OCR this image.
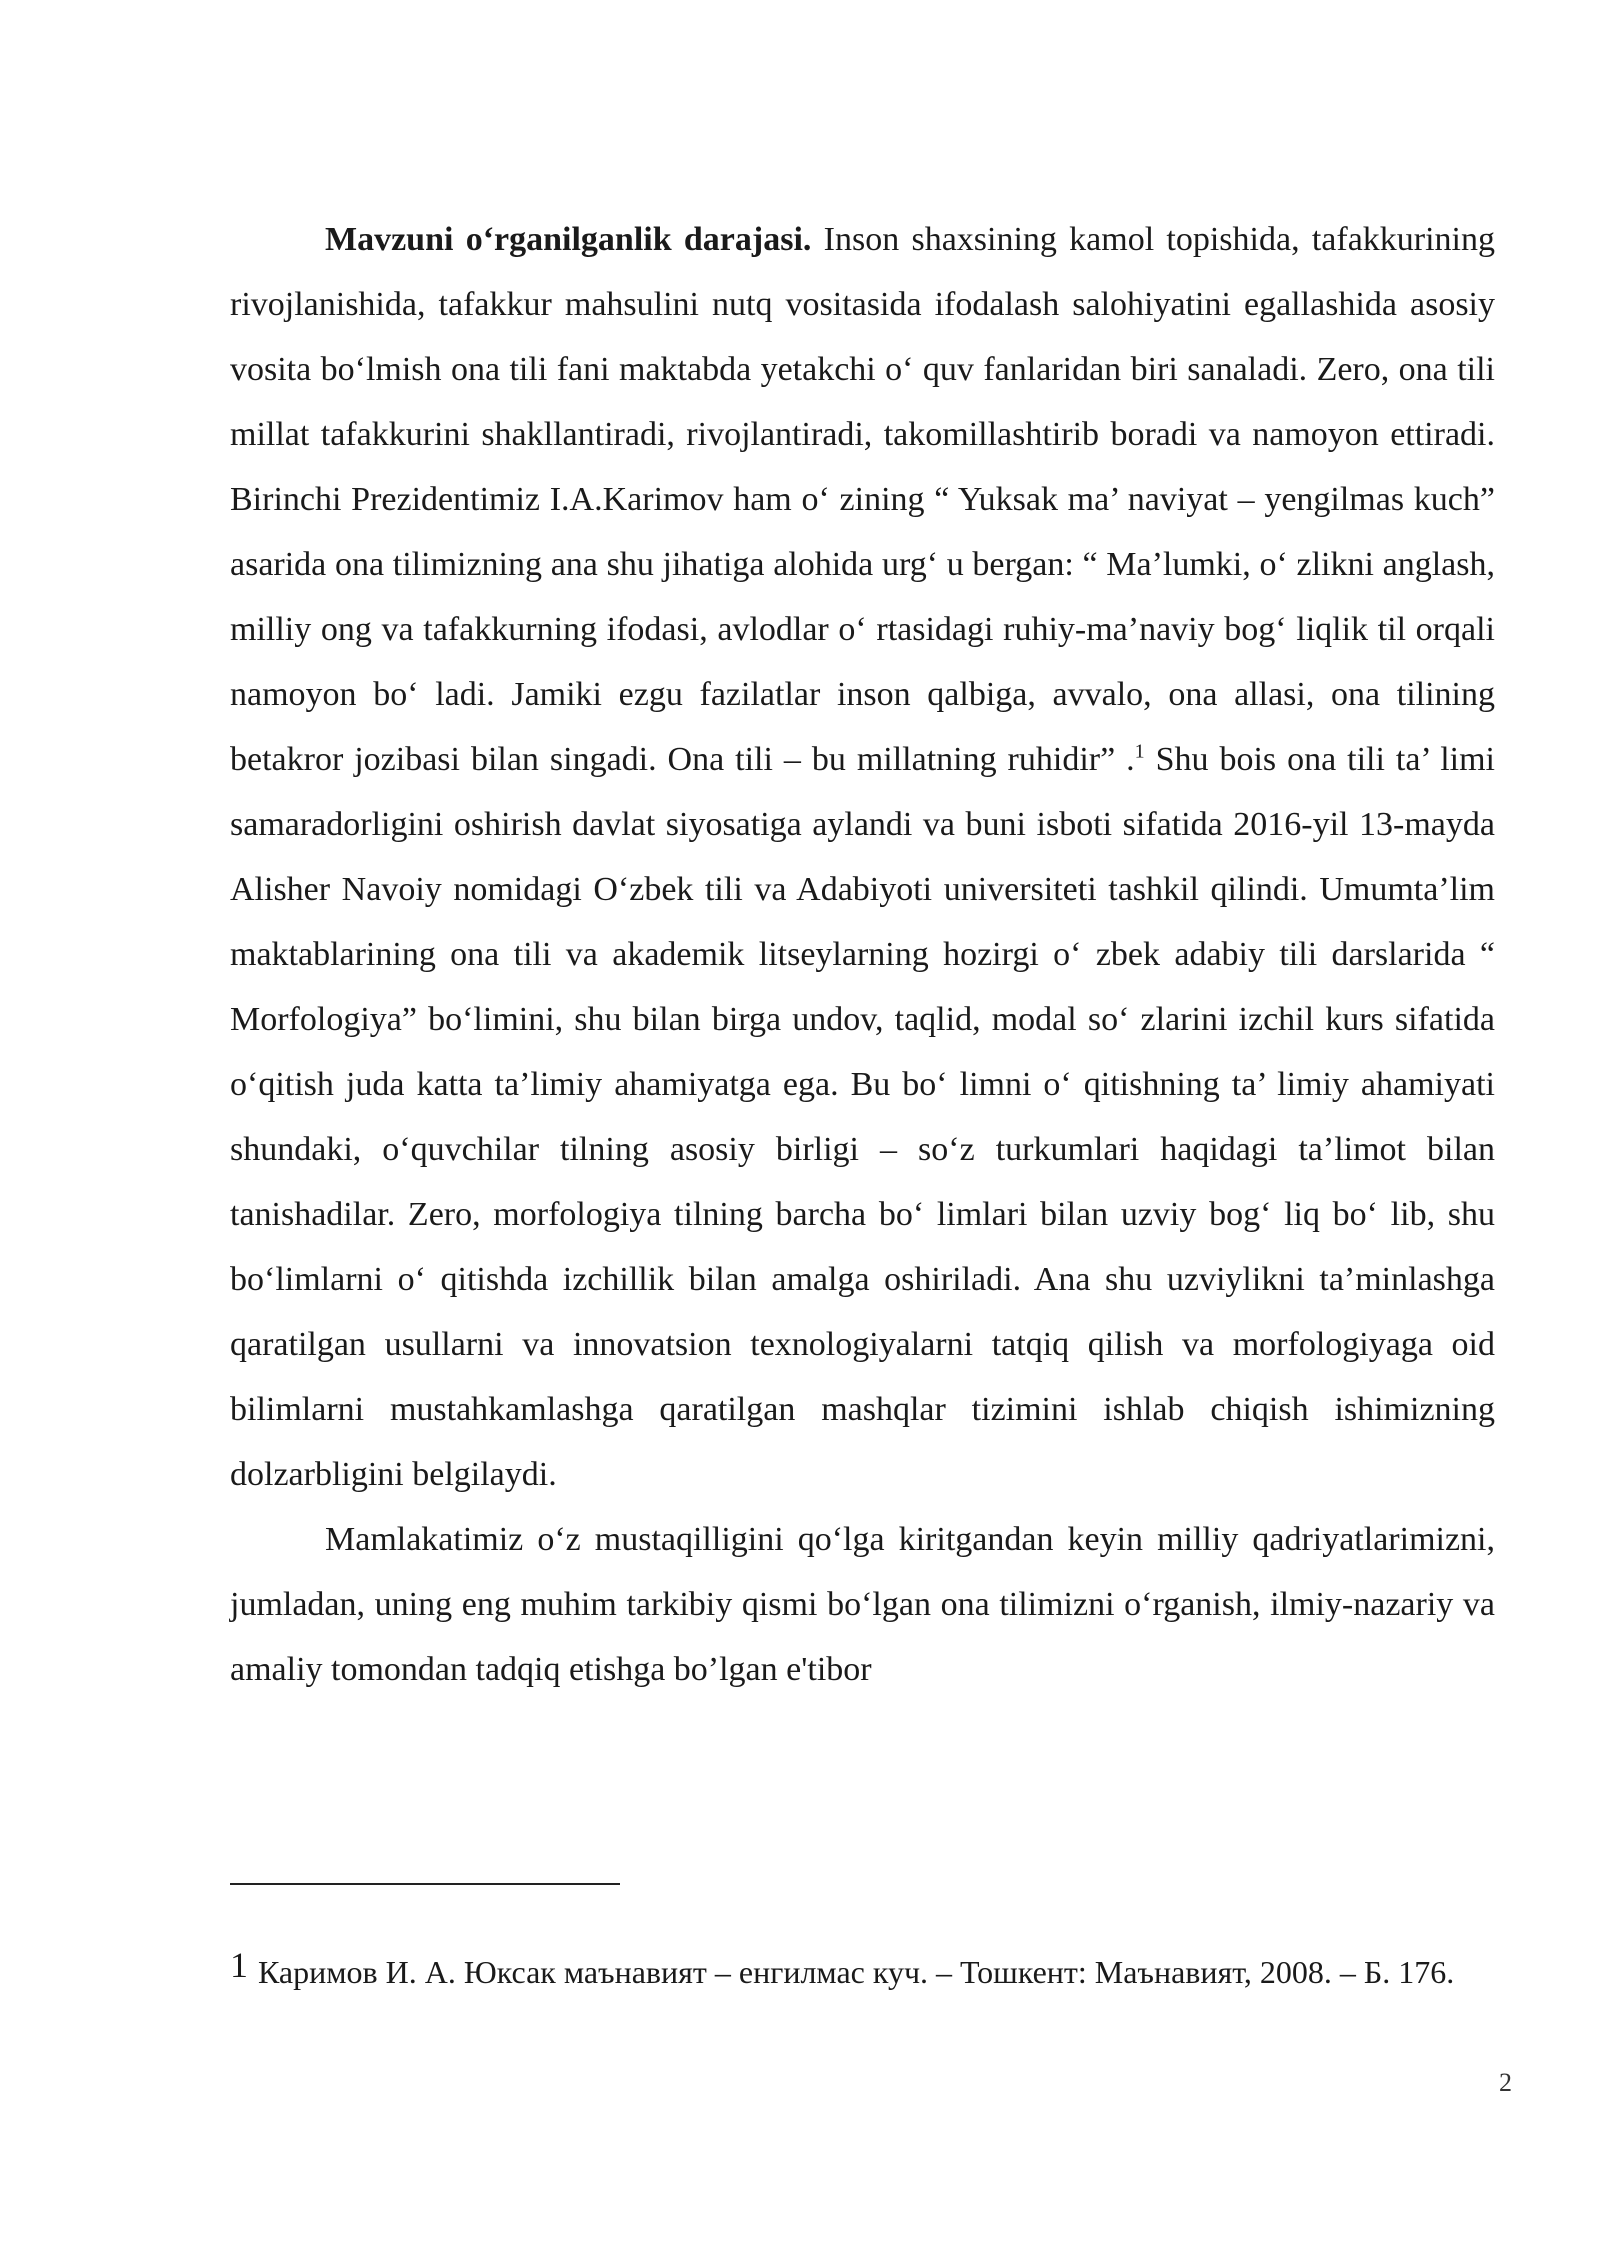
Mavzuni o‘rganilganlik darajasi. Inson shaxsining kamol topishida, tafakkurining rivojlanishida, tafakkur mahsulini nutq vositasida ifodalash salohiyatini egallashida asosiy vosita bo‘lmish ona tili fani maktabda yetakchi o‘ quv fanlaridan biri sanaladi. Zero, ona tili millat tafakkurini shakllantiradi, rivojlantiradi, takomillashtirib boradi va namoyon ettiradi. Birinchi Prezidentimiz I.A.Karimov ham o‘ zining “ Yuksak ma’ naviyat – yengilmas kuch” asarida ona tilimizning ana shu jihatiga alohida urg‘ u bergan: “ Ma’lumki, o‘ zlikni anglash, milliy ong va tafakkurning ifodasi, avlodlar o‘ rtasidagi ruhiy-ma’naviy bog‘ liqlik til orqali namoyon bo‘ ladi. Jamiki ezgu fazilatlar inson qalbiga, avvalo, ona allasi, ona tilining betakror jozibasi bilan singadi. Ona tili – bu millatning ruhidir” .$^1$ Shu bois ona tili ta’ limi samaradorligini oshirish davlat siyosatiga aylandi va buni isboti sifatida 2016-yil 13-mayda Alisher Navoiy nomidagi O‘zbek tili va Adabiyoti universiteti tashkil qilindi. Umumta’lim maktablarining ona tili va akademik litseylarning hozirgi o‘ zbek adabiy tili darslarida “ Morfologiya” bo‘limini, shu bilan birga undov, taqlid, modal so‘ zlarini izchil kurs sifatida o‘qitish juda katta ta’limiy ahamiyatga ega. Bu bo‘ limni o‘ qitishning ta’ limiy ahamiyati shundaki, o‘quvchilar tilning asosiy birligi – so‘z turkumlari haqidagi ta’limot bilan tanishadilar. Zero, morfologiya tilning barcha bo‘ limlari bilan uzviy bog‘ liq bo‘ lib, shu bo‘limlarni o‘ qitishda izchillik bilan amalga oshiriladi. Ana shu uzviylikni ta’minlashga qaratilgan usullarni va innovatsion texnologiyalarni tatqiq qilish va morfologiyaga oid bilimlarni mustahkamlashga qaratilgan mashqlar tizimini ishlab chiqish ishimizning dolzarbligini belgilaydi.

Mamlakatimiz o‘z mustaqilligini qo‘lga kiritgandan keyin milliy qadriyatlarimizni, jumladan, uning eng muhim tarkibiy qismi bo‘lgan ona tilimizni o‘rganish, ilmiy-nazariy va amaliy tomondan tadqiq etishga bo’lgan e'tibor

1 Каримов И. А. Юксак маънавият – енгилмас куч. – Тошкент: Маънавият, 2008. – Б. 176.

2
